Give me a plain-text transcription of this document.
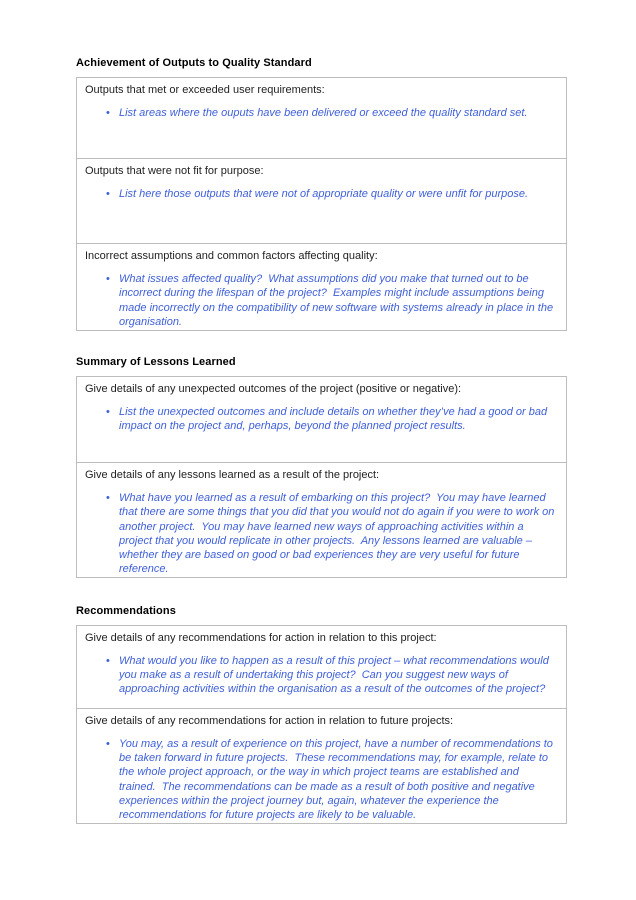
Achievement of Outputs to Quality Standard
Outputs that met or exceeded user requirements:
• List areas where the ouputs have been delivered or exceed the quality standard set.
Outputs that were not fit for purpose:
• List here those outputs that were not of appropriate quality or were unfit for purpose.
Incorrect assumptions and common factors affecting quality:
• What issues affected quality?  What assumptions did you make that turned out to be incorrect during the lifespan of the project?  Examples might include assumptions being made incorrectly on the compatibility of new software with systems already in place in the organisation.
Summary of Lessons Learned
Give details of any unexpected outcomes of the project (positive or negative):
• List the unexpected outcomes and include details on whether they’ve had a good or bad impact on the project and, perhaps, beyond the planned project results.
Give details of any lessons learned as a result of the project:
• What have you learned as a result of embarking on this project?  You may have learned that there are some things that you did that you would not do again if you were to work on another project.  You may have learned new ways of approaching activities within a project that you would replicate in other projects.  Any lessons learned are valuable – whether they are based on good or bad experiences they are very useful for future reference.
Recommendations
Give details of any recommendations for action in relation to this project:
• What would you like to happen as a result of this project – what recommendations would you make as a result of undertaking this project?  Can you suggest new ways of approaching activities within the organisation as a result of the outcomes of the project?
Give details of any recommendations for action in relation to future projects:
• You may, as a result of experience on this project, have a number of recommendations to be taken forward in future projects.  These recommendations may, for example, relate to the whole project approach, or the way in which project teams are established and trained.  The recommendations can be made as a result of both positive and negative experiences within the project journey but, again, whatever the experience the recommendations for future projects are likely to be valuable.
